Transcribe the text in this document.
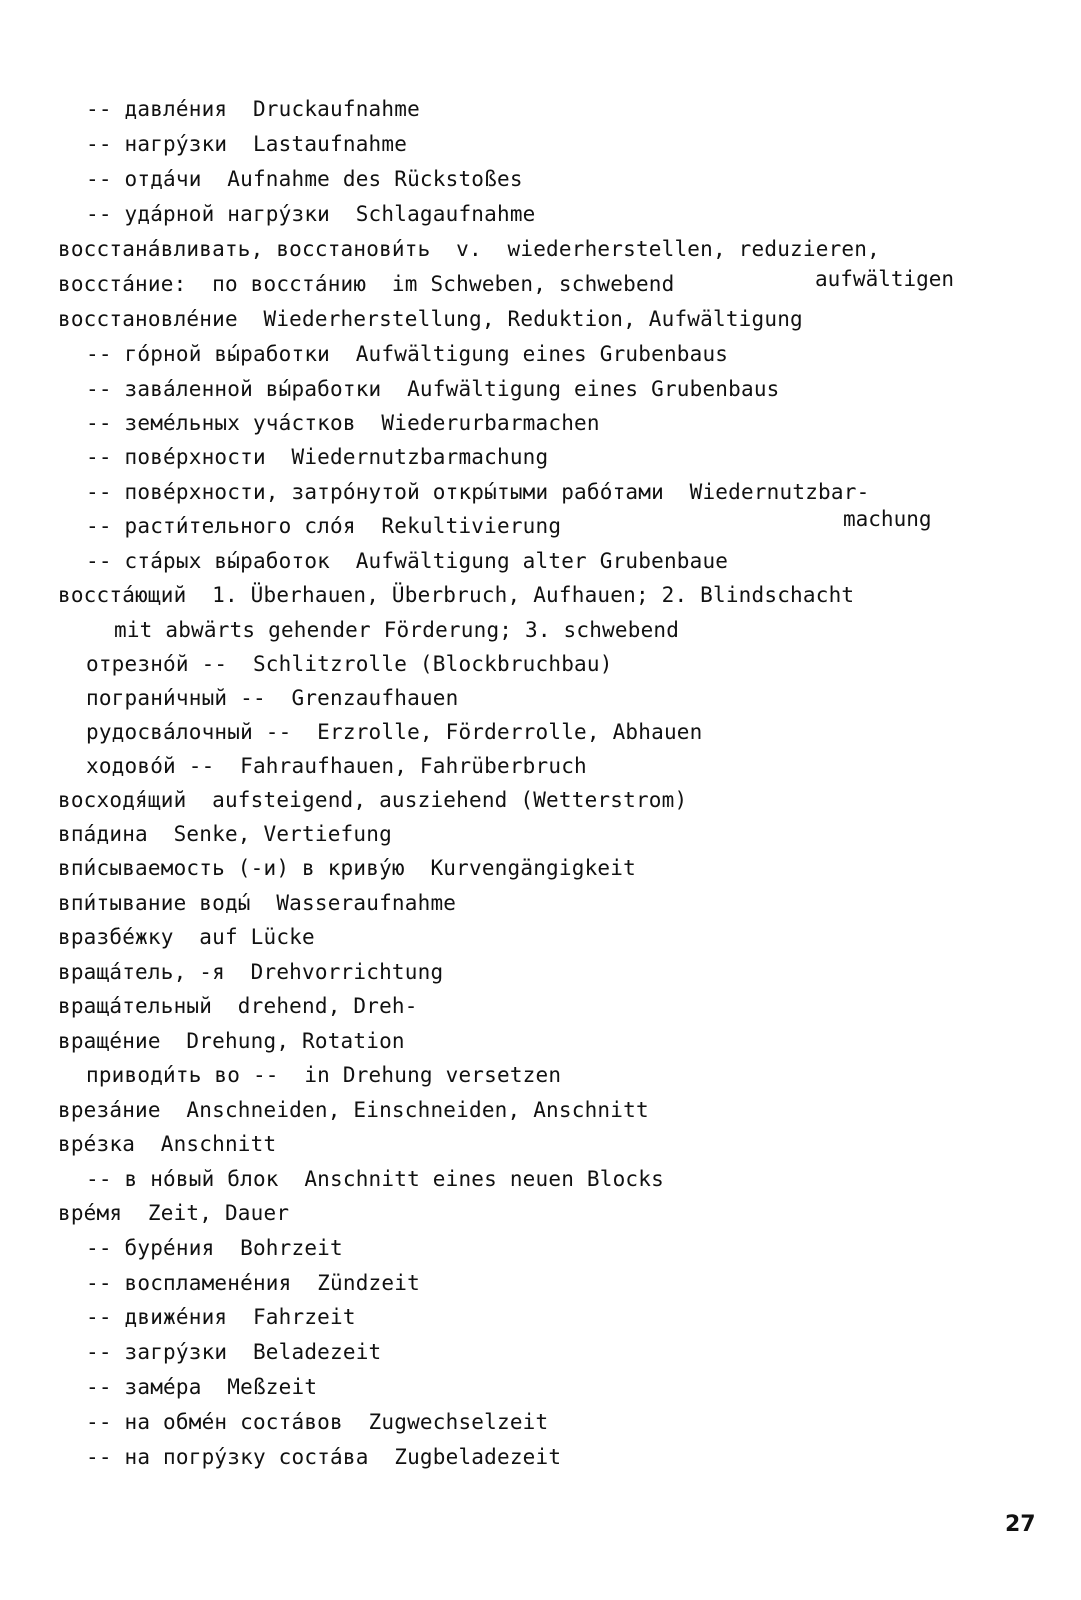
-- давле́ния  Druckaufnahme
-- нагру́зки  Lastaufnahme
-- отда́чи  Aufnahme des Rückstoßes
-- уда́рной нагру́зки  Schlagaufnahme
восстана́вливать, восстанови́ть  v.  wiederherstellen, reduzieren,
восста́ние:  по восста́нию  im Schweben, schwebend	aufwältigen
восстановле́ние  Wiederherstellung, Reduktion, Aufwältigung
-- го́рной вы́работки  Aufwältigung eines Grubenbaus
-- зава́ленной вы́работки  Aufwältigung eines Grubenbaus
-- земе́льных уча́стков  Wiederurbarmachen
-- пове́рхности  Wiedernutzbarmachung
-- пове́рхности, затро́нутой откры́тыми рабо́тами  Wiedernutzbar-
-- расти́тельного сло́я  Rekultivierung	machung
-- ста́рых вы́работок  Aufwältigung alter Grubenbaue
восста́ющий  1. Überhauen, Überbruch, Aufhauen; 2. Blindschacht
mit abwärts gehender Förderung; 3. schwebend
отрезно́й --  Schlitzrolle (Blockbruchbau)
пограни́чный --  Grenzaufhauen
рудосва́лочный --  Erzrolle, Förderrolle, Abhauen
ходово́й --  Fahraufhauen, Fahrüberbruch
восходя́щий  aufsteigend, ausziehend (Wetterstrom)
впа́дина  Senke, Vertiefung
впи́сываемость (-и) в криву́ю  Kurvengängigkeit
впи́тывание воды́  Wasseraufnahme
вразбе́жку  auf Lücke
враща́тель, -я  Drehvorrichtung
враща́тельный  drehend, Dreh-
враще́ние  Drehung, Rotation
приводи́ть во --  in Drehung versetzen
вреза́ние  Anschneiden, Einschneiden, Anschnitt
вре́зка  Anschnitt
-- в но́вый блок  Anschnitt eines neuen Blocks
вре́мя  Zeit, Dauer
-- буре́ния  Bohrzeit
-- воспламене́ния  Zündzeit
-- движе́ния  Fahrzeit
-- загру́зки  Beladezeit
-- заме́ра  Meßzeit
-- на обме́н соста́вов  Zugwechselzeit
-- на погру́зку соста́ва  Zugbeladezeit
27
